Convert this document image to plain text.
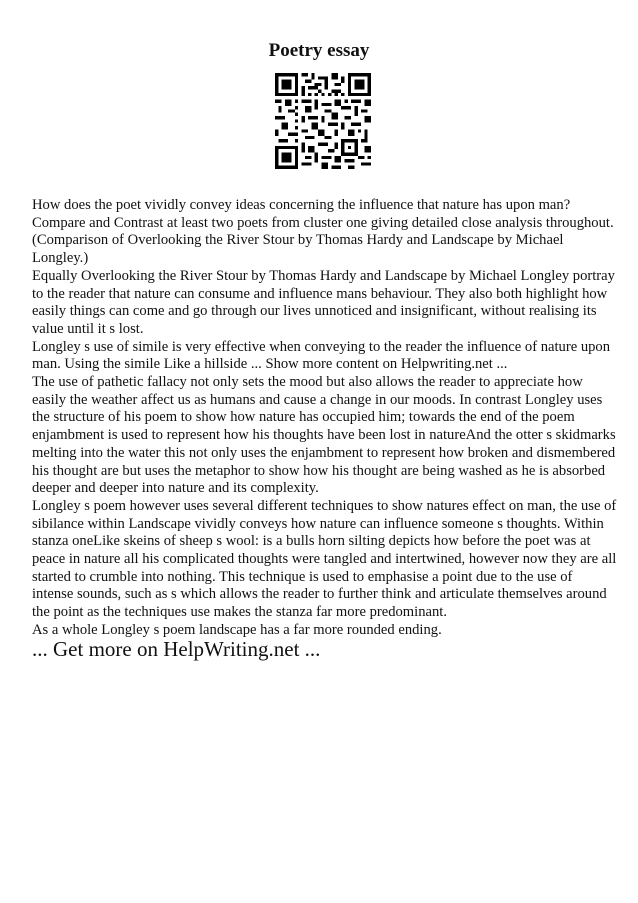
Poetry essay

How does the poet vividly convey ideas concerning the influence that nature has upon man? Compare and Contrast at least two poets from cluster one giving detailed close analysis throughout. (Comparison of Overlooking the River Stour by Thomas Hardy and Landscape by Michael Longley.)

Equally Overlooking the River Stour by Thomas Hardy and Landscape by Michael Longley portray to the reader that nature can consume and influence mans behaviour. They also both highlight how easily things can come and go through our lives unnoticed and insignificant, without realising its value until it s lost.

Longley s use of simile is very effective when conveying to the reader the influence of nature upon man. Using the simile Like a hillside ... Show more content on Helpwriting.net ...

The use of pathetic fallacy not only sets the mood but also allows the reader to appreciate how easily the weather affect us as humans and cause a change in our moods. In contrast Longley uses the structure of his poem to show how nature has occupied him; towards the end of the poem enjambment is used to represent how his thoughts have been lost in natureAnd the otter s skidmarks melting into the water this not only uses the enjambment to represent how broken and dismembered his thought are but uses the metaphor to show how his thought are being washed as he is absorbed deeper and deeper into nature and its complexity.

Longley s poem however uses several different techniques to show natures effect on man, the use of sibilance within Landscape vividly conveys how nature can influence someone s thoughts. Within stanza oneLike skeins of sheep s wool: is a bulls horn silting depicts how before the poet was at peace in nature all his complicated thoughts were tangled and intertwined, however now they are all started to crumble into nothing. This technique is used to emphasise a point due to the use of intense sounds, such as s which allows the reader to further think and articulate themselves around the point as the techniques use makes the stanza far more predominant.

As a whole Longley s poem landscape has a far more rounded ending.

... Get more on HelpWriting.net ...
